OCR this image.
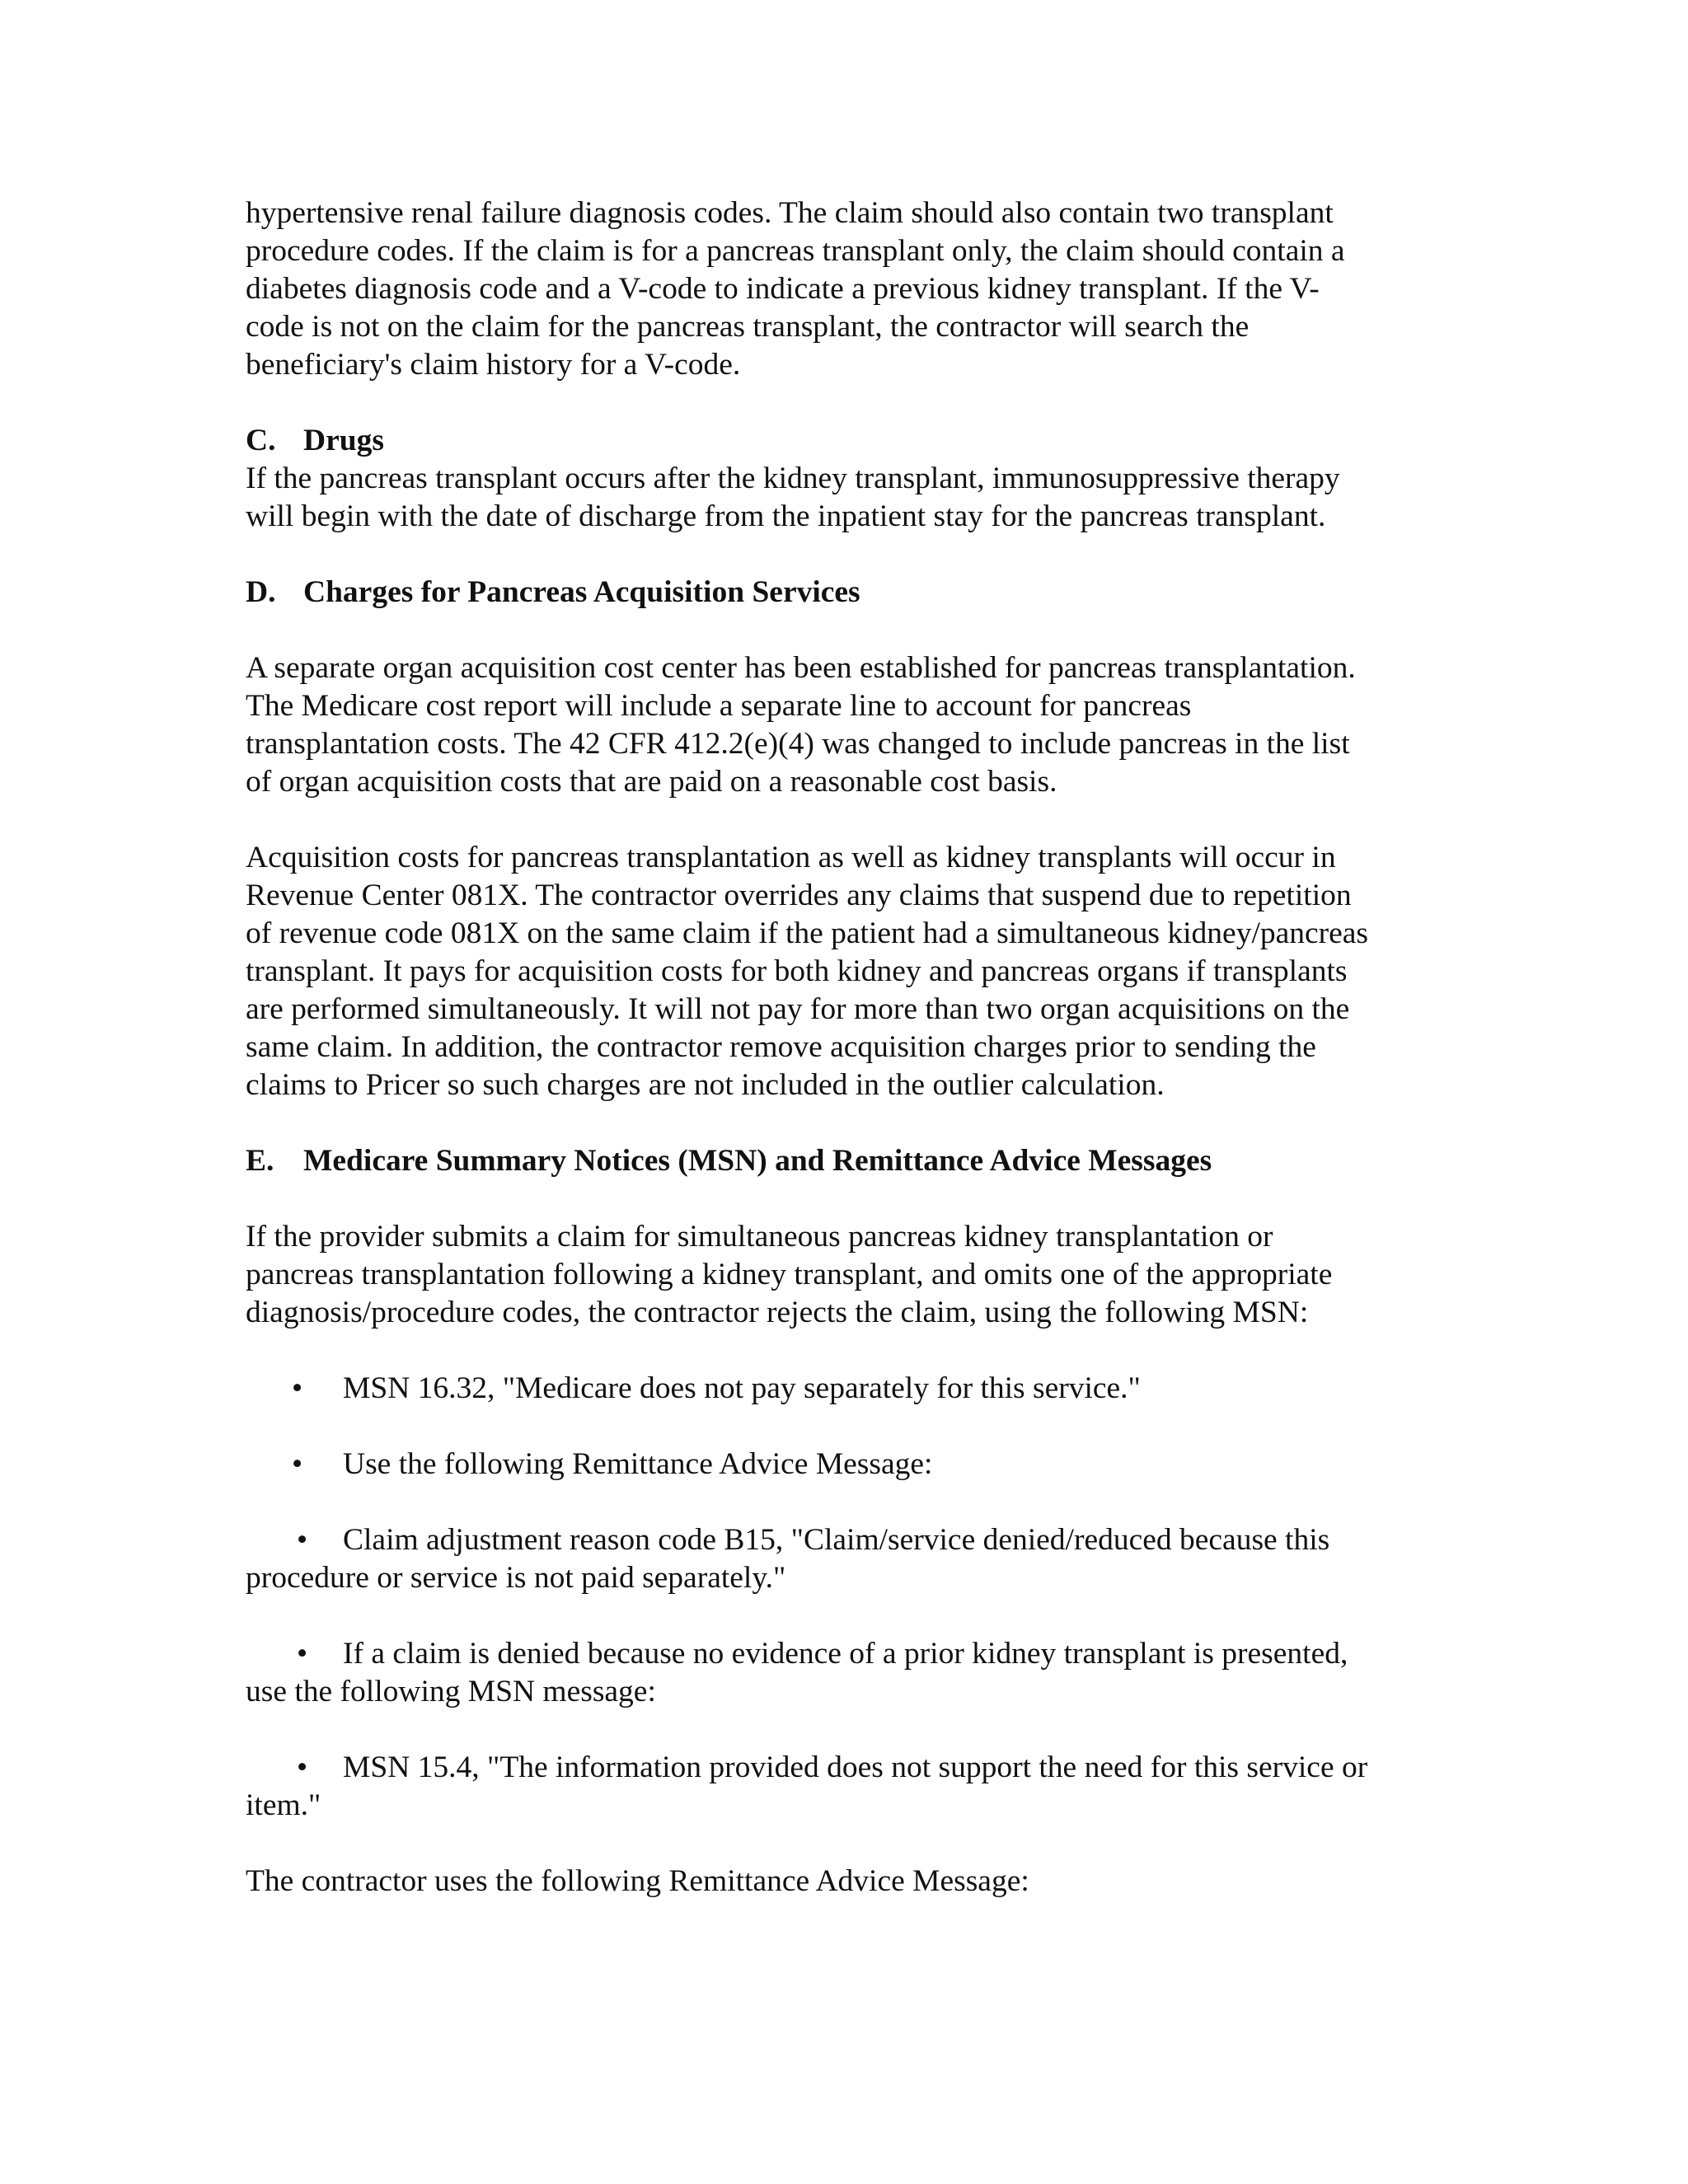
hypertensive renal failure diagnosis codes. The claim should also contain two transplant
procedure codes. If the claim is for a pancreas transplant only, the claim should contain a
diabetes diagnosis code and a V-code to indicate a previous kidney transplant. If the V-
code is not on the claim for the pancreas transplant, the contractor will search the
beneficiary's claim history for a V-code.

C. Drugs

If the pancreas transplant occurs after the kidney transplant, immunosuppressive therapy
will begin with the date of discharge from the inpatient stay for the pancreas transplant.

D. Charges for Pancreas Acquisition Services

A separate organ acquisition cost center has been established for pancreas transplantation.
The Medicare cost report will include a separate line to account for pancreas
transplantation costs. The 42 CFR 412.2(e)(4) was changed to include pancreas in the list
of organ acquisition costs that are paid on a reasonable cost basis.

Acquisition costs for pancreas transplantation as well as kidney transplants will occur in
Revenue Center 081X. The contractor overrides any claims that suspend due to repetition
of revenue code 081X on the same claim if the patient had a simultaneous kidney/pancreas
transplant. It pays for acquisition costs for both kidney and pancreas organs if transplants
are performed simultaneously. It will not pay for more than two organ acquisitions on the
same claim. In addition, the contractor remove acquisition charges prior to sending the
claims to Pricer so such charges are not included in the outlier calculation.

E. Medicare Summary Notices (MSN) and Remittance Advice Messages

If the provider submits a claim for simultaneous pancreas kidney transplantation or
pancreas transplantation following a kidney transplant, and omits one of the appropriate
diagnosis/procedure codes, the contractor rejects the claim, using the following MSN:

• MSN 16.32, "Medicare does not pay separately for this service."
• Use the following Remittance Advice Message:
• Claim adjustment reason code B15, "Claim/service denied/reduced because this
procedure or service is not paid separately."
• If a claim is denied because no evidence of a prior kidney transplant is presented,
use the following MSN message:
• MSN 15.4, "The information provided does not support the need for this service or
item."

The contractor uses the following Remittance Advice Message:
